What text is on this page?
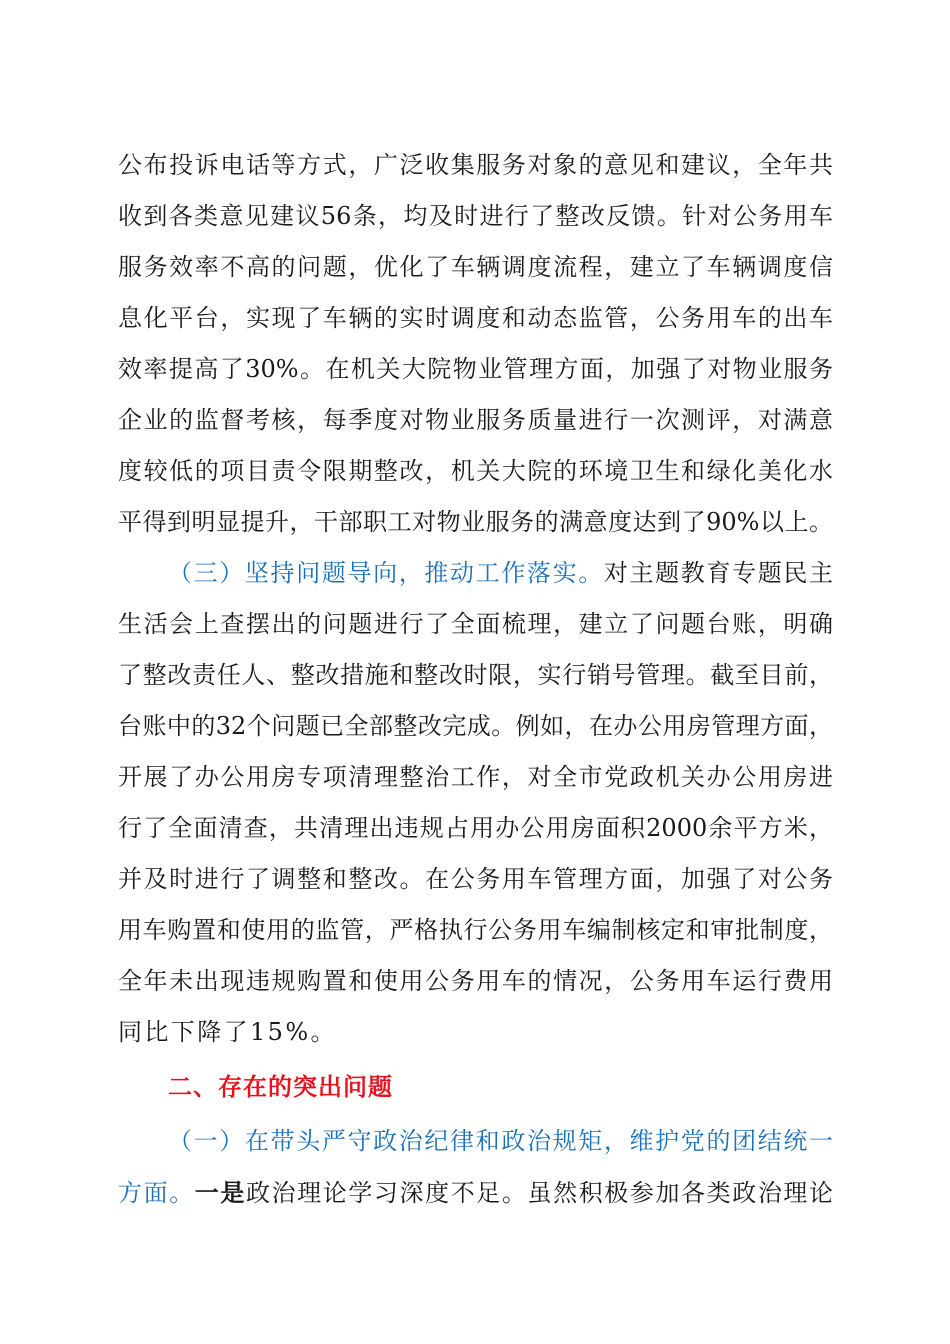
公布投诉电话等方式，广泛收集服务对象的意见和建议，全年共
收到各类意见建议56条，均及时进行了整改反馈。针对公务用车
服务效率不高的问题，优化了车辆调度流程，建立了车辆调度信
息化平台，实现了车辆的实时调度和动态监管，公务用车的出车
效率提高了30%。在机关大院物业管理方面，加强了对物业服务
企业的监督考核，每季度对物业服务质量进行一次测评，对满意
度较低的项目责令限期整改，机关大院的环境卫生和绿化美化水
平得到明显提升，干部职工对物业服务的满意度达到了90%以上。
（三）坚持问题导向，推动工作落实。对主题教育专题民主
生活会上查摆出的问题进行了全面梳理，建立了问题台账，明确
了整改责任人、整改措施和整改时限，实行销号管理。截至目前，
台账中的32个问题已全部整改完成。例如，在办公用房管理方面，
开展了办公用房专项清理整治工作，对全市党政机关办公用房进
行了全面清查，共清理出违规占用办公用房面积2000余平方米，
并及时进行了调整和整改。在公务用车管理方面，加强了对公务
用车购置和使用的监管，严格执行公务用车编制核定和审批制度，
全年未出现违规购置和使用公务用车的情况，公务用车运行费用
同比下降了15%。
二、存在的突出问题
（一）在带头严守政治纪律和政治规矩，维护党的团结统一
方面。一是政治理论学习深度不足。虽然积极参加各类政治理论
